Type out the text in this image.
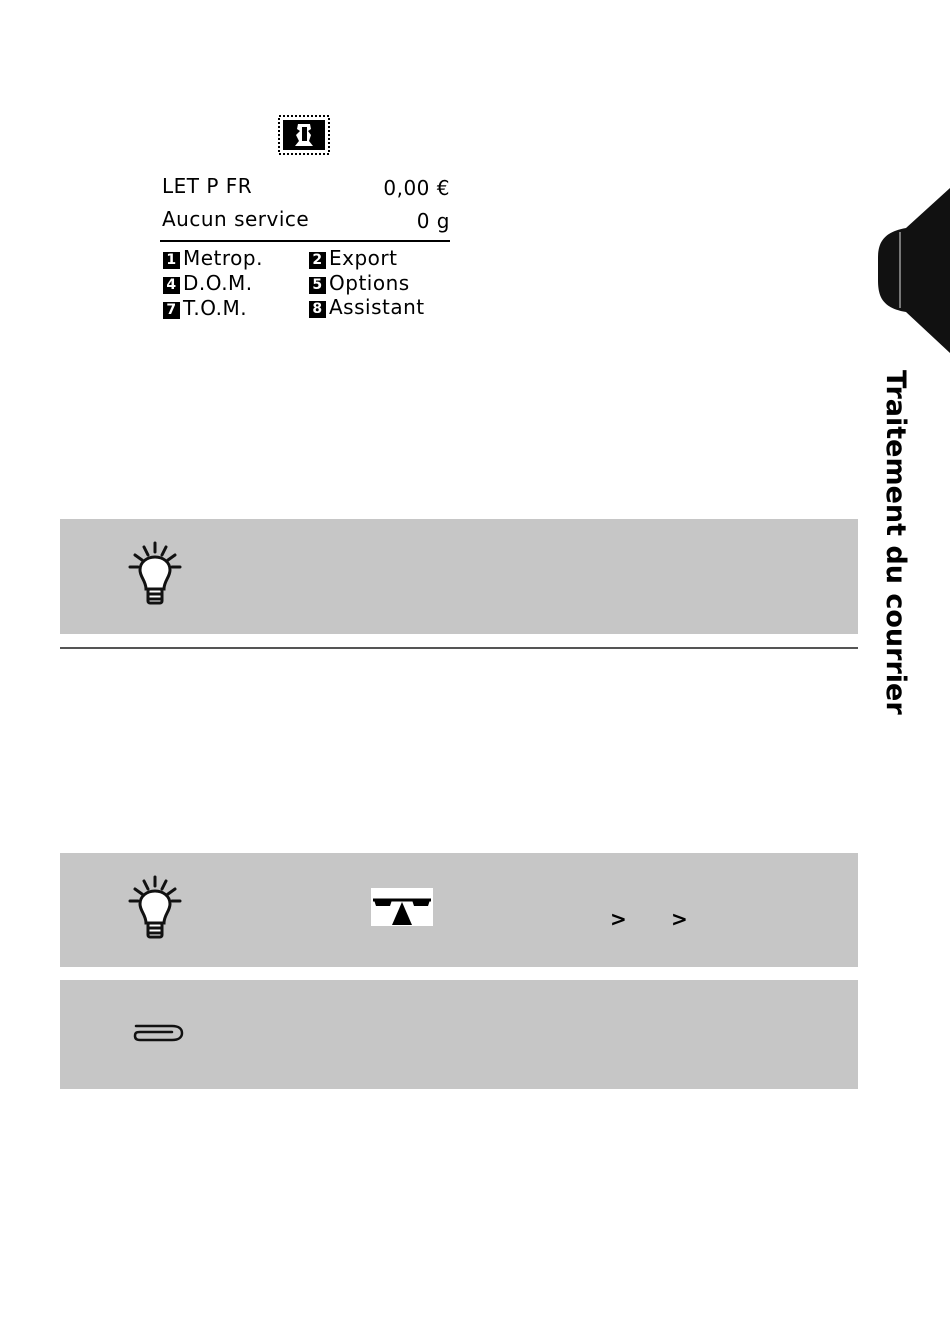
LET P FR	0,00 €
Aucun service	0 g
1 Metrop.	2 Export
4 D.O.M.	5 Options
7 T.O.M.	8 Assistant
> >
Traitement du courrier
